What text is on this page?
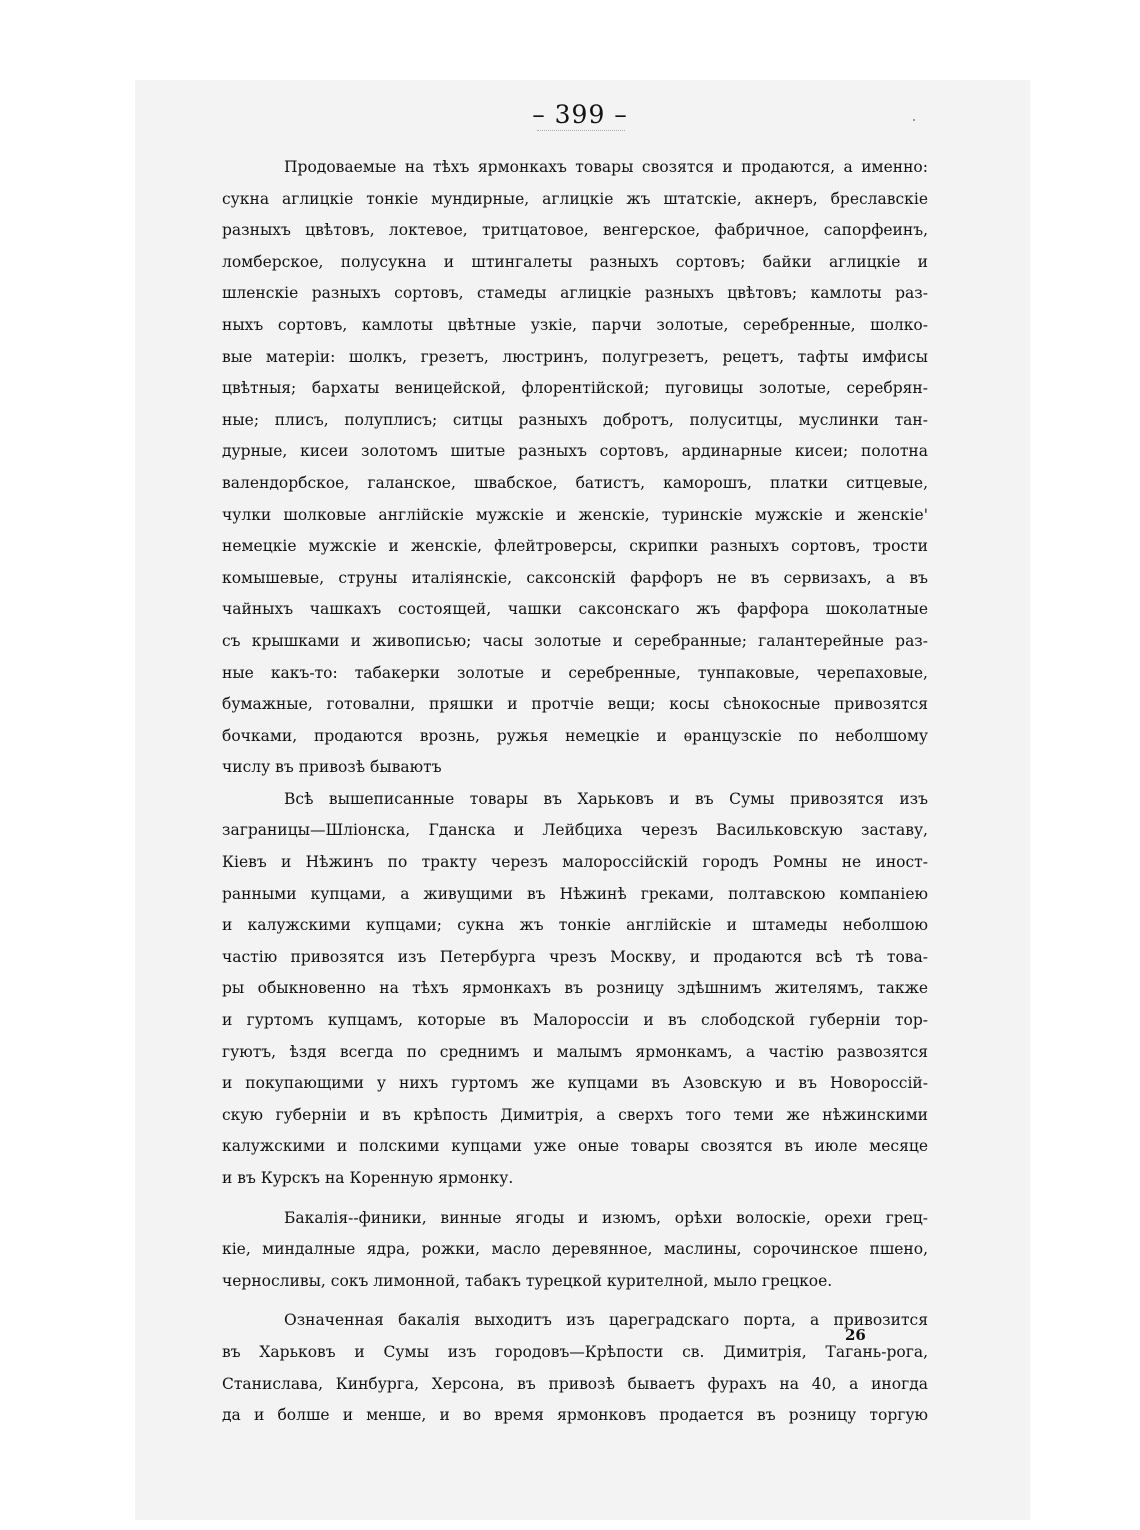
– 399 –
Продоваемые на тѣхъ ярмонкахъ товары свозятся и продаются, а именно:
сукна аглицкіе тонкіе мундирные, аглицкіе жъ штатскіе, акнеръ, бреславскіе
разныхъ цвѣтовъ, локтевое, тритцатовое, венгерское, фабричное, сапорфеинъ,
ломберское, полусукна и штингалеты разныхъ сортовъ; байки аглицкіе и
шленскіе разныхъ сортовъ, стамеды аглицкіе разныхъ цвѣтовъ; камлоты раз-
ныхъ сортовъ, камлоты цвѣтные узкіе, парчи золотые, серебренные, шолко-
вые матеріи: шолкъ, грезетъ, люстринъ, полугрезетъ, рецетъ, тафты имфисы
цвѣтныя; бархаты веницейской, флорентійской; пуговицы золотые, серебрян-
ные; плисъ, полуплисъ; ситцы разныхъ добротъ, полуситцы, муслинки тан-
дурные, кисеи золотомъ шитые разныхъ сортовъ, ардинарные кисеи; полотна
валендорбское, галанское, швабское, батистъ, каморошъ, платки ситцевые,
чулки шолковые англійскіе мужскіе и женскіе, туринскіе мужскіе и женскіе'
немецкіе мужскіе и женскіе, флейтроверсы, скрипки разныхъ сортовъ, трости
комышевые, струны италіянскіе, саксонскій фарфоръ не въ сервизахъ, а въ
чайныхъ чашкахъ состоящей, чашки саксонскаго жъ фарфора шоколатные
съ крышками и живописью; часы золотые и серебранные; галантерейные раз-
ные какъ-то: табакерки золотые и серебренные, тунпаковые, черепаховые,
бумажные, готовални, пряшки и протчіе вещи; косы сѣнокосные привозятся
бочками, продаются врознь, ружья немецкіе и ѳранцузскіе по неболшому
числу въ привозѣ бываютъ
Всѣ вышеписанные товары въ Харьковъ и въ Сумы привозятся изъ
заграницы—Шліонска, Гданска и Лейбциха черезъ Васильковскую заставу,
Кіевъ и Нѣжинъ по тракту черезъ малороссійскій городъ Ромны не иност-
ранными купцами, а живущими въ Нѣжинѣ греками, полтавскою компаніею
и калужскими купцами; сукна жъ тонкіе англійскіе и штамеды неболшою
частію привозятся изъ Петербурга чрезъ Москву, и продаются всѣ тѣ това-
ры обыкновенно на тѣхъ ярмонкахъ въ розницу здѣшнимъ жителямъ, также
и гуртомъ купцамъ, которые въ Малороссіи и въ слободской губерніи тор-
гуютъ, ѣздя всегда по среднимъ и малымъ ярмонкамъ, а частію развозятся
и покупающими у нихъ гуртомъ же купцами въ Азовскую и въ Новороссій-
скую губерніи и въ крѣпость Димитрія, а сверхъ того теми же нѣжинскими
калужскими и полскими купцами уже оные товары свозятся въ июле месяце
и въ Курскъ на Коренную ярмонку.
Бакалія--финики, винные ягоды и изюмъ, орѣхи волоскіе, орехи грец-
кіе, миндалные ядра, рожки, масло деревянное, маслины, сорочинское пшено,
черносливы, сокъ лимонной, табакъ турецкой курителной, мыло грецкое.
Означенная бакалія выходитъ изъ цареградскаго порта, а привозится
въ Харьковъ и Сумы изъ городовъ—Крѣпости св. Димитрія, Тагань-рога,
Станислава, Кинбурга, Херсона, въ привозѣ бываетъ фурахъ на 40, а иногда
да и болше и менше, и во время ярмонковъ продается въ розницу торгую
26
